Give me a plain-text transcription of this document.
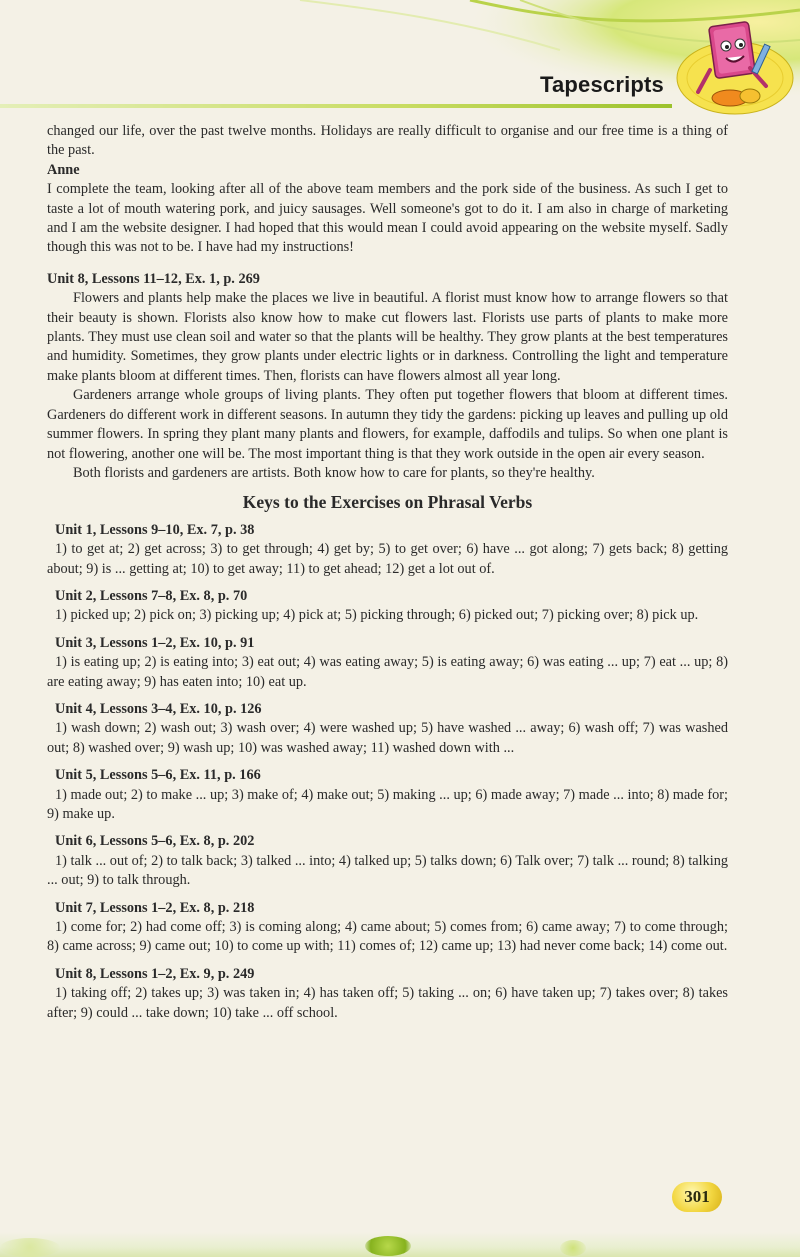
Tapescripts

changed our life, over the past twelve months. Holidays are really difficult to organise and our free time is a thing of the past.

Anne

I complete the team, looking after all of the above team members and the pork side of the business. As such I get to taste a lot of mouth watering pork, and juicy sausages. Well someone's got to do it. I am also in charge of marketing and I am the website designer. I had hoped that this would mean I could avoid appearing on the website myself. Sadly though this was not to be. I have had my instructions!

Unit 8, Lessons 11–12, Ex. 1, p. 269

Flowers and plants help make the places we live in beautiful. A florist must know how to arrange flowers so that their beauty is shown. Florists also know how to make cut flowers last. Florists use parts of plants to make more plants. They must use clean soil and water so that the plants will be healthy. They grow plants at the best temperatures and humidity. Sometimes, they grow plants under electric lights or in darkness. Controlling the light and temperature make plants bloom at different times. Then, florists can have flowers almost all year long.

Gardeners arrange whole groups of living plants. They often put together flowers that bloom at different times. Gardeners do different work in different seasons. In autumn they tidy the gardens: picking up leaves and pulling up old summer flowers. In spring they plant many plants and flowers, for example, daffodils and tulips. So when one plant is not flowering, another one will be. The most important thing is that they work outside in the open air every season.

Both florists and gardeners are artists. Both know how to care for plants, so they're healthy.

Keys to the Exercises on Phrasal Verbs

Unit 1, Lessons 9–10, Ex. 7, p. 38

1) to get at; 2) get across; 3) to get through; 4) get by; 5) to get over; 6) have ... got along; 7) gets back; 8) getting about; 9) is ... getting at; 10) to get away; 11) to get ahead; 12) get a lot out of.

Unit 2, Lessons 7–8, Ex. 8, p. 70

1) picked up; 2) pick on; 3) picking up; 4) pick at; 5) picking through; 6) picked out; 7) picking over; 8) pick up.

Unit 3, Lessons 1–2, Ex. 10, p. 91

1) is eating up; 2) is eating into; 3) eat out; 4) was eating away; 5) is eating away; 6) was eating ... up; 7) eat ... up; 8) are eating away; 9) has eaten into; 10) eat up.

Unit 4, Lessons 3–4, Ex. 10, p. 126

1) wash down; 2) wash out; 3) wash over; 4) were washed up; 5) have washed ... away; 6) wash off; 7) was washed out; 8) washed over; 9) wash up; 10) was washed away; 11) washed down with ...

Unit 5, Lessons 5–6, Ex. 11, p. 166

1) made out; 2) to make ... up; 3) make of; 4) make out; 5) making ... up; 6) made away; 7) made ... into; 8) made for; 9) make up.

Unit 6, Lessons 5–6, Ex. 8, p. 202

1) talk ... out of; 2) to talk back; 3) talked ... into; 4) talked up; 5) talks down; 6) Talk over; 7) talk ... round; 8) talking ... out; 9) to talk through.

Unit 7, Lessons 1–2, Ex. 8, p. 218

1) come for; 2) had come off; 3) is coming along; 4) came about; 5) comes from; 6) came away; 7) to come through; 8) came across; 9) came out; 10) to come up with; 11) comes of; 12) came up; 13) had never come back; 14) come out.

Unit 8, Lessons 1–2, Ex. 9, p. 249

1) taking off; 2) takes up; 3) was taken in; 4) has taken off; 5) taking ... on; 6) have taken up; 7) takes over; 8) takes after; 9) could ... take down; 10) take ... off school.

301
